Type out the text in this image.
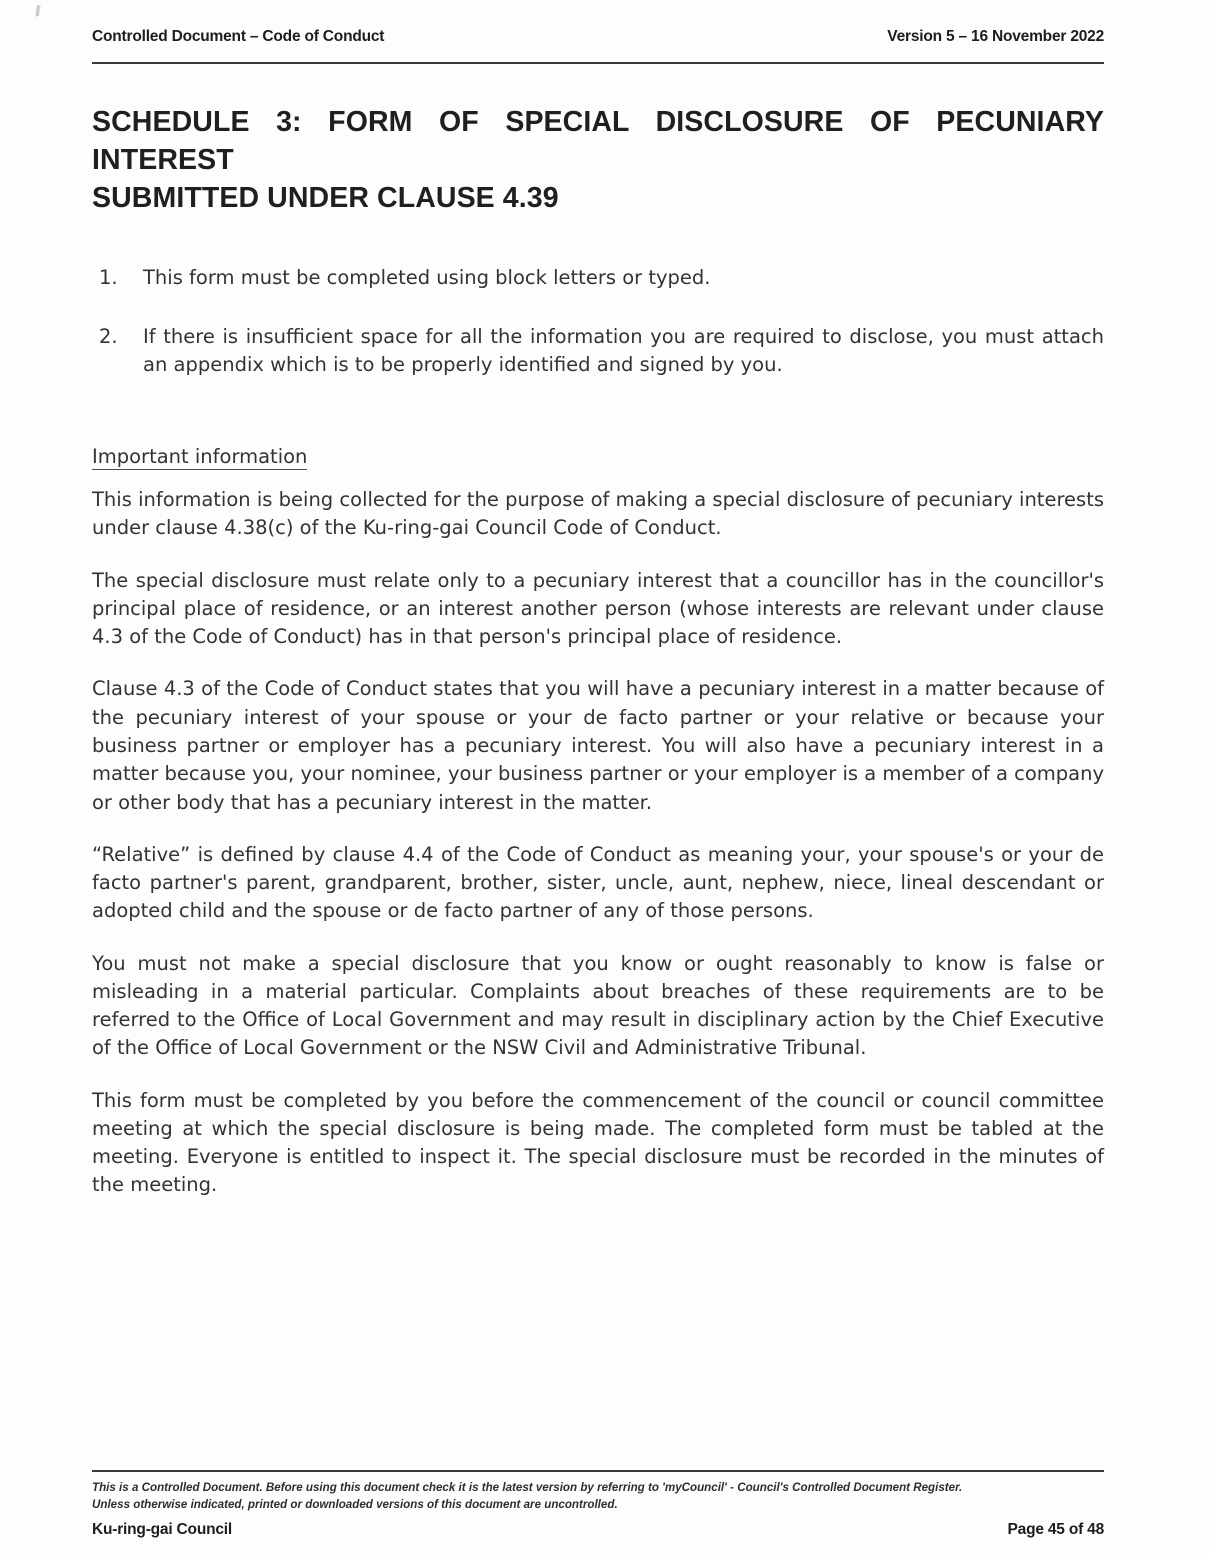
Controlled Document – Code of Conduct	Version 5 – 16 November 2022
SCHEDULE 3: FORM OF SPECIAL DISCLOSURE OF PECUNIARY INTEREST
SUBMITTED UNDER CLAUSE 4.39
1. This form must be completed using block letters or typed.
2. If there is insufficient space for all the information you are required to disclose, you must attach an appendix which is to be properly identified and signed by you.
Important information

This information is being collected for the purpose of making a special disclosure of pecuniary interests under clause 4.38(c) of the Ku-ring-gai Council Code of Conduct.

The special disclosure must relate only to a pecuniary interest that a councillor has in the councillor's principal place of residence, or an interest another person (whose interests are relevant under clause 4.3 of the Code of Conduct) has in that person's principal place of residence.

Clause 4.3 of the Code of Conduct states that you will have a pecuniary interest in a matter because of the pecuniary interest of your spouse or your de facto partner or your relative or because your business partner or employer has a pecuniary interest. You will also have a pecuniary interest in a matter because you, your nominee, your business partner or your employer is a member of a company or other body that has a pecuniary interest in the matter.

“Relative” is defined by clause 4.4 of the Code of Conduct as meaning your, your spouse's or your de facto partner's parent, grandparent, brother, sister, uncle, aunt, nephew, niece, lineal descendant or adopted child and the spouse or de facto partner of any of those persons.

You must not make a special disclosure that you know or ought reasonably to know is false or misleading in a material particular. Complaints about breaches of these requirements are to be referred to the Office of Local Government and may result in disciplinary action by the Chief Executive of the Office of Local Government or the NSW Civil and Administrative Tribunal.

This form must be completed by you before the commencement of the council or council committee meeting at which the special disclosure is being made. The completed form must be tabled at the meeting. Everyone is entitled to inspect it. The special disclosure must be recorded in the minutes of the meeting.

This is a Controlled Document. Before using this document check it is the latest version by referring to 'myCouncil' - Council's Controlled Document Register.
Unless otherwise indicated, printed or downloaded versions of this document are uncontrolled.
Ku-ring-gai Council	Page 45 of 48
